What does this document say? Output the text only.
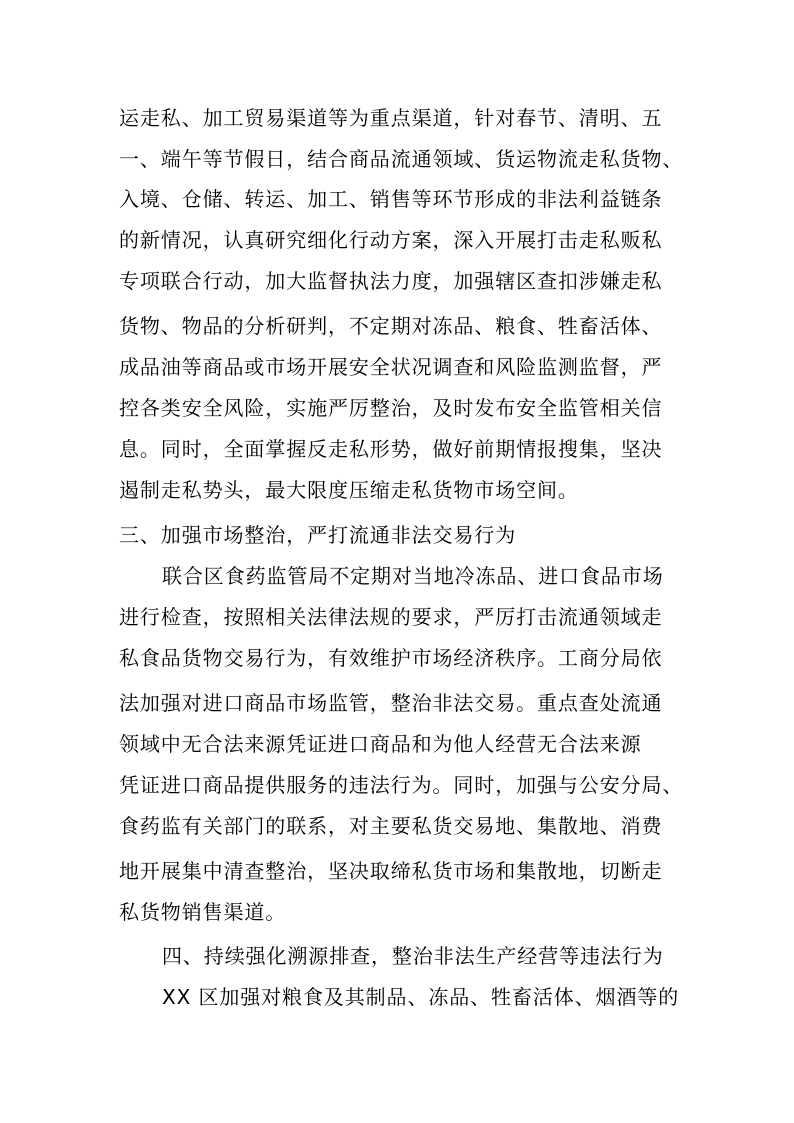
运走私、加工贸易渠道等为重点渠道，针对春节、清明、五
一、端午等节假日，结合商品流通领域、货运物流走私货物、
入境、仓储、转运、加工、销售等环节形成的非法利益链条
的新情况，认真研究细化行动方案，深入开展打击走私贩私
专项联合行动，加大监督执法力度，加强辖区查扣涉嫌走私
货物、物品的分析研判，不定期对冻品、粮食、牲畜活体、
成品油等商品或市场开展安全状况调查和风险监测监督，严
控各类安全风险，实施严厉整治，及时发布安全监管相关信
息。同时，全面掌握反走私形势，做好前期情报搜集，坚决
遏制走私势头，最大限度压缩走私货物市场空间。
三、加强市场整治，严打流通非法交易行为
联合区食药监管局不定期对当地冷冻品、进口食品市场
进行检查，按照相关法律法规的要求，严厉打击流通领域走
私食品货物交易行为，有效维护市场经济秩序。工商分局依
法加强对进口商品市场监管，整治非法交易。重点查处流通
领域中无合法来源凭证进口商品和为他人经营无合法来源
凭证进口商品提供服务的违法行为。同时，加强与公安分局、
食药监有关部门的联系，对主要私货交易地、集散地、消费
地开展集中清查整治，坚决取缔私货市场和集散地，切断走
私货物销售渠道。
四、持续强化溯源排查，整治非法生产经营等违法行为
XX 区加强对粮食及其制品、冻品、牲畜活体、烟酒等的
